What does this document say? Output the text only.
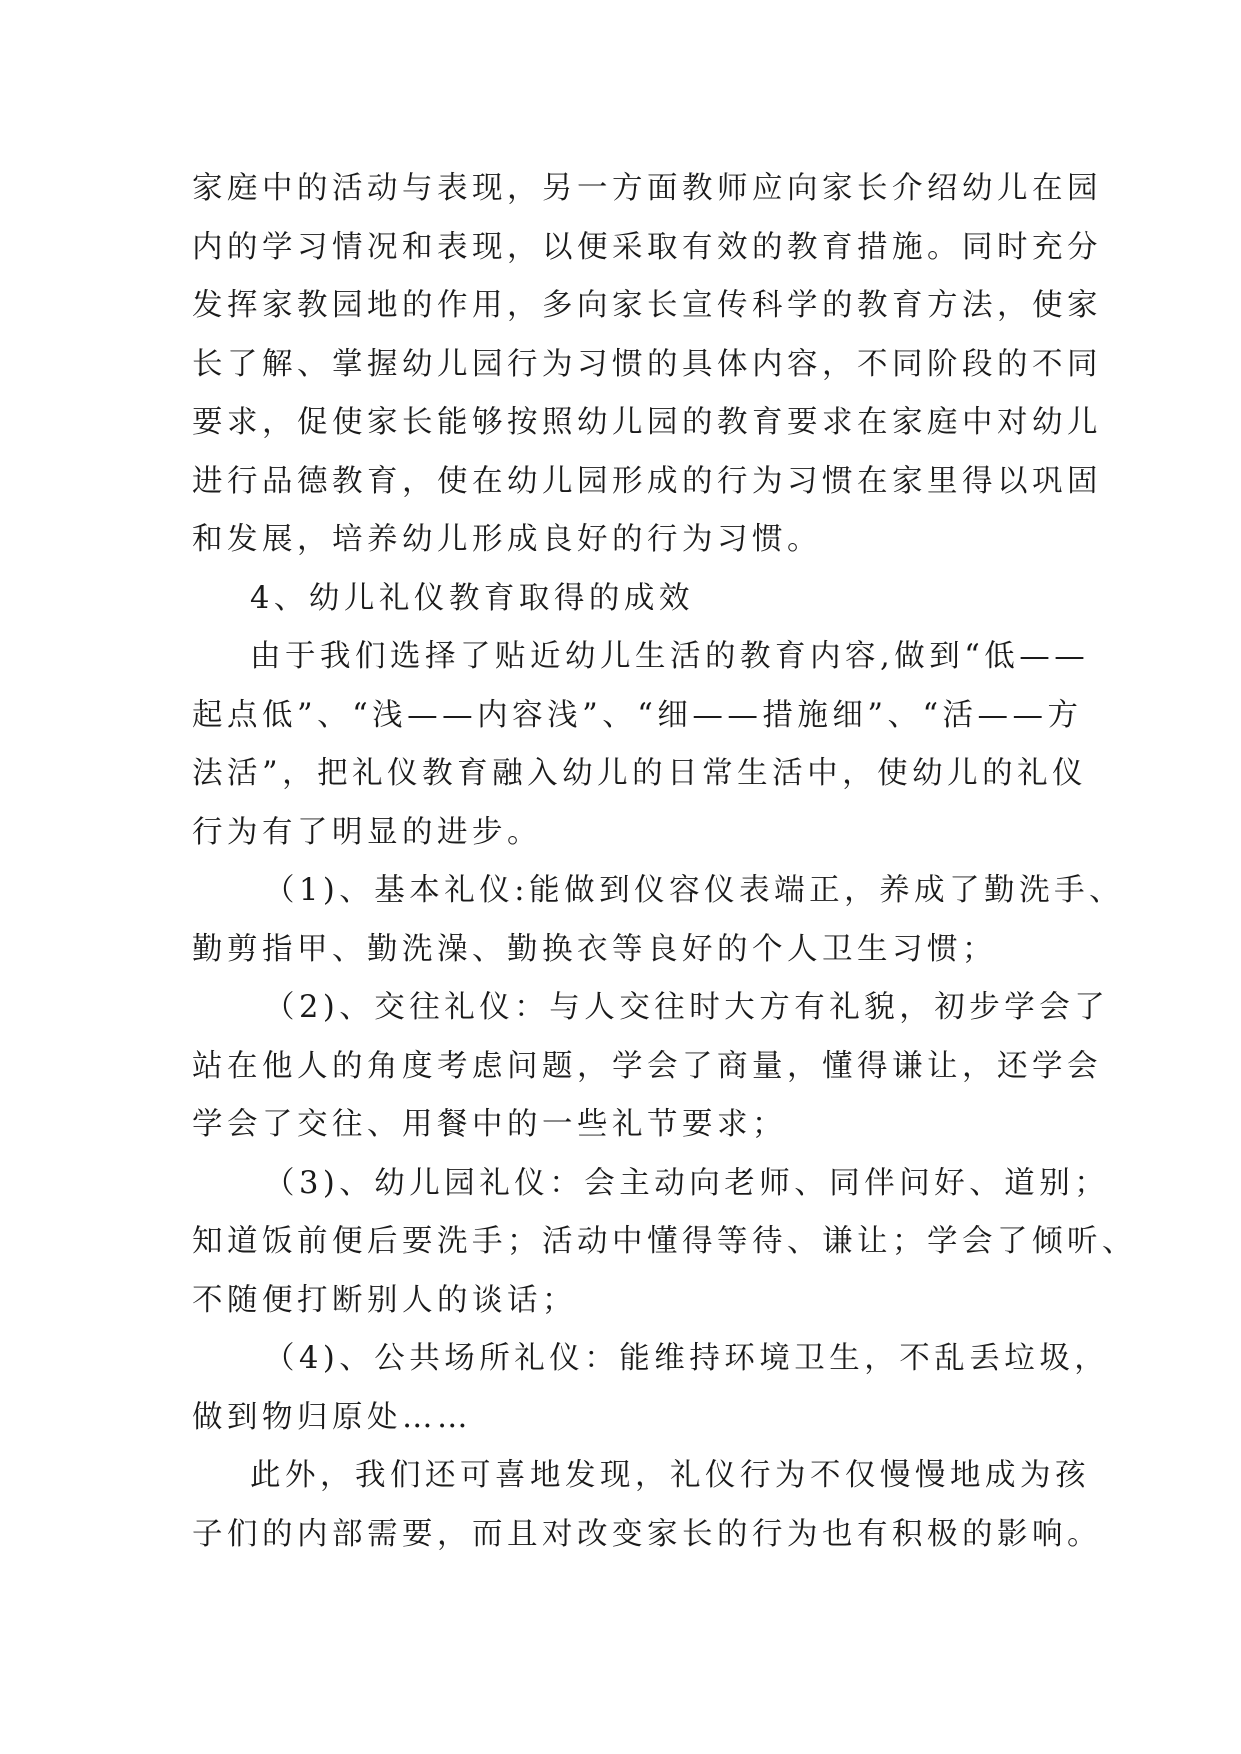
家庭中的活动与表现，另一方面教师应向家长介绍幼儿在园
内的学习情况和表现，以便采取有效的教育措施。同时充分
发挥家教园地的作用，多向家长宣传科学的教育方法，使家
长了解、掌握幼儿园行为习惯的具体内容，不同阶段的不同
要求，促使家长能够按照幼儿园的教育要求在家庭中对幼儿
进行品德教育，使在幼儿园形成的行为习惯在家里得以巩固
和发展，培养幼儿形成良好的行为习惯。
4、幼儿礼仪教育取得的成效
由于我们选择了贴近幼儿生活的教育内容,做到“低——
起点低”、“浅——内容浅”、“细——措施细”、“活——方
法活”，把礼仪教育融入幼儿的日常生活中，使幼儿的礼仪
行为有了明显的进步。
（1)、基本礼仪:能做到仪容仪表端正，养成了勤洗手、
勤剪指甲、勤洗澡、勤换衣等良好的个人卫生习惯；
（2)、交往礼仪：与人交往时大方有礼貌，初步学会了
站在他人的角度考虑问题，学会了商量，懂得谦让，还学会
学会了交往、用餐中的一些礼节要求；
（3)、幼儿园礼仪：会主动向老师、同伴问好、道别；
知道饭前便后要洗手；活动中懂得等待、谦让；学会了倾听、
不随便打断别人的谈话；
（4)、公共场所礼仪：能维持环境卫生，不乱丢垃圾，
做到物归原处……
此外，我们还可喜地发现，礼仪行为不仅慢慢地成为孩
子们的内部需要，而且对改变家长的行为也有积极的影响。
